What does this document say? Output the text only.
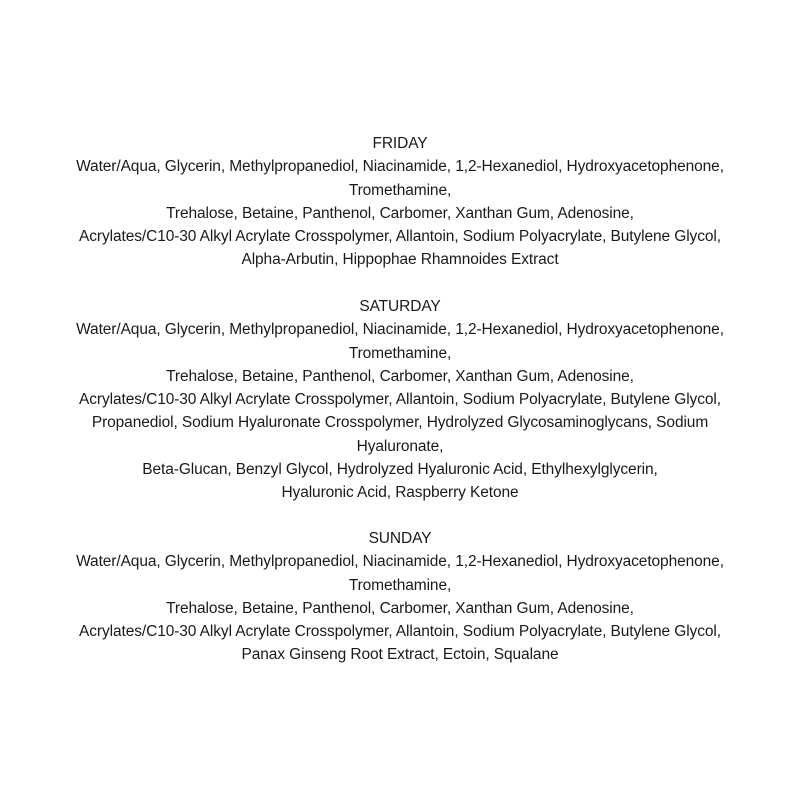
FRIDAY
Water/Aqua, Glycerin, Methylpropanediol, Niacinamide, 1,2-Hexanediol, Hydroxyacetophenone,
Tromethamine,
Trehalose, Betaine, Panthenol, Carbomer, Xanthan Gum, Adenosine,
Acrylates/C10-30 Alkyl Acrylate Crosspolymer, Allantoin, Sodium Polyacrylate, Butylene Glycol,
Alpha-Arbutin, Hippophae Rhamnoides Extract
SATURDAY
Water/Aqua, Glycerin, Methylpropanediol, Niacinamide, 1,2-Hexanediol, Hydroxyacetophenone,
Tromethamine,
Trehalose, Betaine, Panthenol, Carbomer, Xanthan Gum, Adenosine,
Acrylates/C10-30 Alkyl Acrylate Crosspolymer, Allantoin, Sodium Polyacrylate, Butylene Glycol,
Propanediol, Sodium Hyaluronate Crosspolymer, Hydrolyzed Glycosaminoglycans, Sodium
Hyaluronate,
Beta-Glucan, Benzyl Glycol, Hydrolyzed Hyaluronic Acid, Ethylhexylglycerin,
Hyaluronic Acid, Raspberry Ketone
SUNDAY
Water/Aqua, Glycerin, Methylpropanediol, Niacinamide, 1,2-Hexanediol, Hydroxyacetophenone,
Tromethamine,
Trehalose, Betaine, Panthenol, Carbomer, Xanthan Gum, Adenosine,
Acrylates/C10-30 Alkyl Acrylate Crosspolymer, Allantoin, Sodium Polyacrylate, Butylene Glycol,
Panax Ginseng Root Extract, Ectoin, Squalane
